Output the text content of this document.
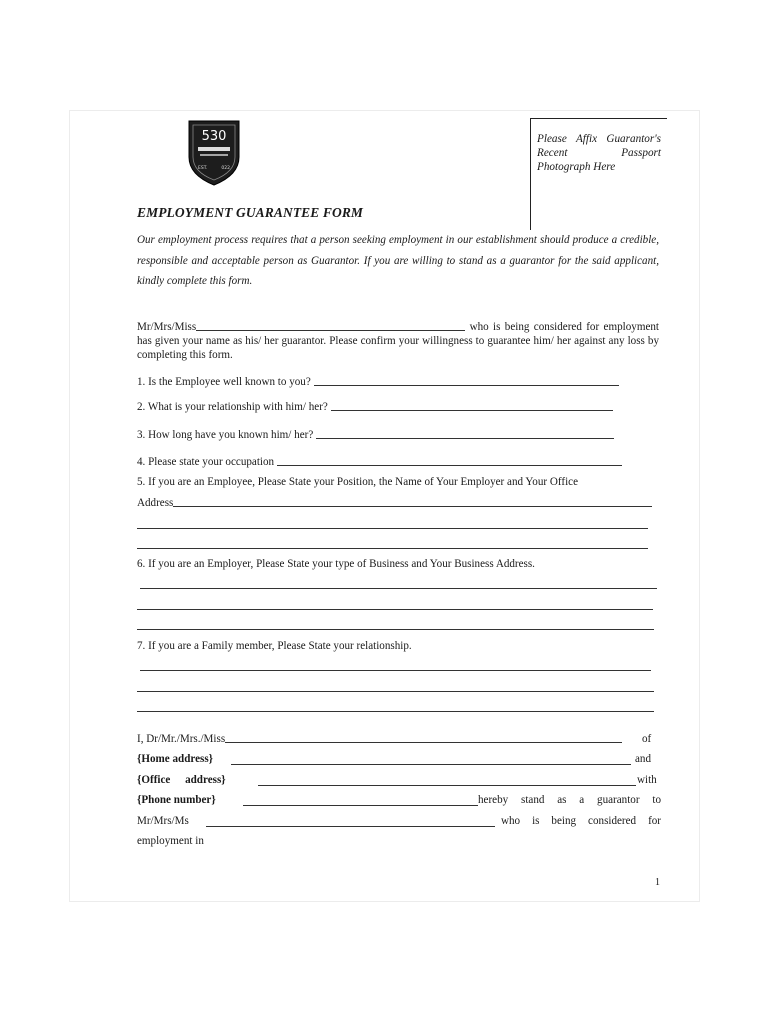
530
EST.	022
Please Affix Guarantor's Recent Passport Photograph Here
EMPLOYMENT GUARANTEE FORM
Our employment process requires that a person seeking employment in our establishment should produce a credible, responsible and acceptable person as Guarantor. If you are willing to stand as a guarantor for the said applicant, kindly complete this form.
Mr/Mrs/Miss	who is being considered for employment has given your name as his/ her guarantor. Please confirm your willingness to guarantee him/ her against any loss by completing this form.
1. Is the Employee well known to you?
2. What is your relationship with him/ her?
3. How long have you known him/ her?
4. Please state your occupation
5. If you are an Employee, Please State your Position, the Name of Your Employer and Your Office
Address
6. If you are an Employer, Please State your type of Business and Your Business Address.
7. If you are a Family member, Please State your relationship.
I, Dr/Mr./Mrs./Miss	of
{Home address}	and
{Office address}	with
{Phone number}	hereby stand as a guarantor to
Mr/Mrs/Ms	who is being considered for
employment in
1
